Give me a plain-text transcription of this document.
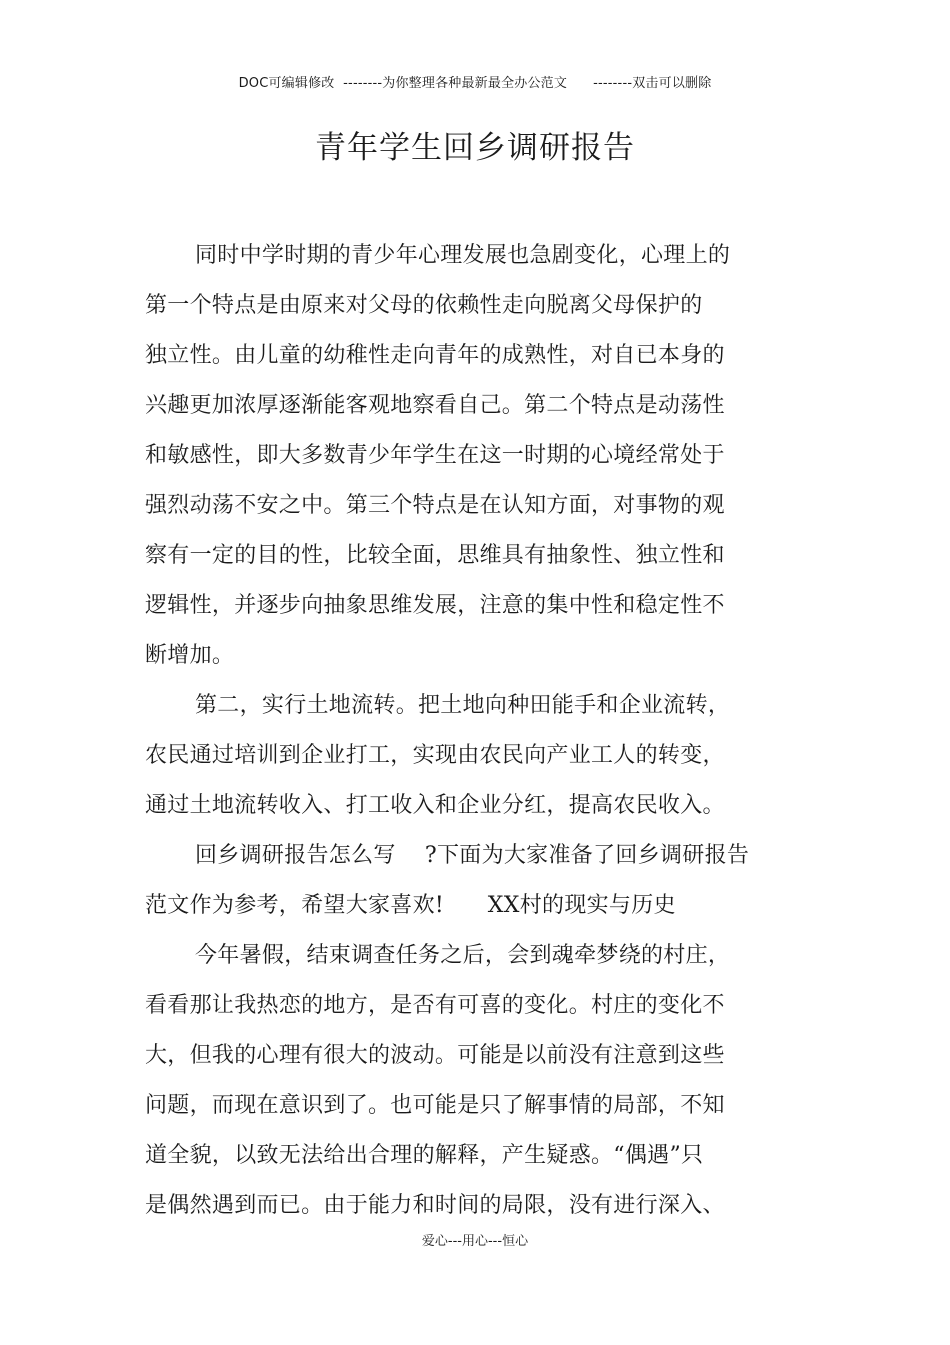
DOC可编辑修改 --------为你整理各种最新最全办公范文 --------双击可以删除
青年学生回乡调研报告
同时中学时期的青少年心理发展也急剧变化，心理上的
第一个特点是由原来对父母的依赖性走向脱离父母保护的
独立性。由儿童的幼稚性走向青年的成熟性，对自已本身的
兴趣更加浓厚逐渐能客观地察看自己。第二个特点是动荡性
和敏感性，即大多数青少年学生在这一时期的心境经常处于
强烈动荡不安之中。第三个特点是在认知方面，对事物的观
察有一定的目的性，比较全面，思维具有抽象性、独立性和
逻辑性，并逐步向抽象思维发展，注意的集中性和稳定性不
断增加。
第二，实行土地流转。把土地向种田能手和企业流转，
农民通过培训到企业打工，实现由农民向产业工人的转变，
通过土地流转收入、打工收入和企业分红，提高农民收入。
回乡调研报告怎么写    ?下面为大家准备了回乡调研报告
范文作为参考，希望大家喜欢!      XX村的现实与历史
今年暑假，结束调查任务之后，会到魂牵梦绕的村庄，
看看那让我热恋的地方，是否有可喜的变化。村庄的变化不
大，但我的心理有很大的波动。可能是以前没有注意到这些
问题，而现在意识到了。也可能是只了解事情的局部，不知
道全貌，以致无法给出合理的解释，产生疑惑。“偶遇”只
是偶然遇到而已。由于能力和时间的局限，没有进行深入、
爱心---用心---恒心
